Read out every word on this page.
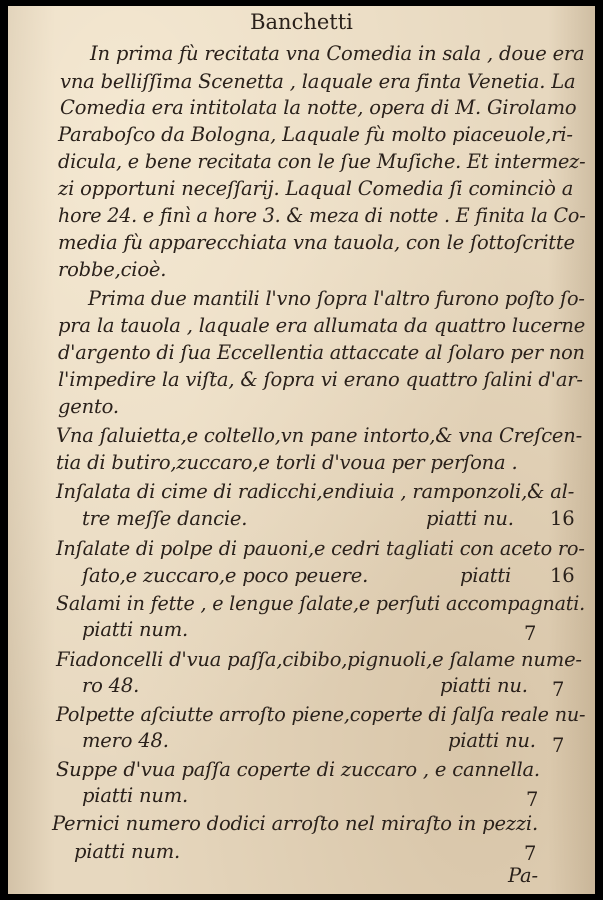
Banchetti
In prima fù recitata vna Comedia in sala , doue era
vna belliſſima Scenetta , laquale era finta Venetia. La
Comedia era intitolata la notte, opera di M. Girolamo
Paraboſco da Bologna, Laquale fù molto piaceuole,ri-
dicula, e bene recitata con le ſue Muſiche. Et intermez-
zi opportuni neceſſarij. Laqual Comedia ſi cominciò a
hore 24. e finì a hore 3. & meza di notte . E finita la Co-
media fù apparecchiata vna tauola, con le ſottoſcritte
robbe,cioè.
Prima due mantili l'vno ſopra l'altro furono poſto ſo-
pra la tauola , laquale era allumata da quattro lucerne
d'argento di ſua Eccellentia attaccate al ſolaro per non
l'impedire la viſta, & ſopra vi erano quattro ſalini d'ar-
gento.
Vna ſaluietta,e coltello,vn pane intorto,& vna Creſcen-
tia di butiro,zuccaro,e torli d'voua per perſona .
Inſalata di cime di radicchi,endiuia , ramponzoli,& al-
tre meſſe dancie.	piatti nu. 16
Inſalate di polpe di pauoni,e cedri tagliati con aceto ro-
ſato,e zuccaro,e poco peuere.	piatti 16
Salami in fette , e lengue ſalate,e perſuti accompagnati.
piatti num.	7
Fiadoncelli d'vua paſſa,cibibo,pignuoli,e ſalame nume-
ro 48.	piatti nu. 7
Polpette aſciutte arroſto piene,coperte di ſalſa reale nu-
mero 48.	piatti nu. 7
Suppe d'vua paſſa coperte di zuccaro , e cannella.
piatti num.	7
Pernici numero dodici arroſto nel miraſto in pezzi.
piatti num.	7
Pa-
